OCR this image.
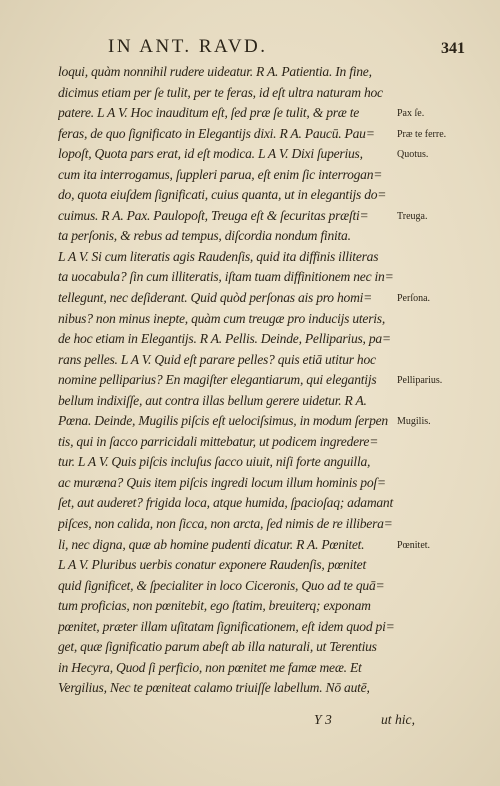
IN ANT. RAVD.	341
loqui, quàm nonnihil rudere uideatur. R A. Patientia. In fine,
dicimus etiam per ſe tulit, per te feras, id eſt ultra naturam hoc
patere. L A V. Hoc inauditum eſt, ſed præ ſe tulit, & præ te
feras, de quo ſignificato in Elegantijs dixi. R A. Paucū. Pau=
lopoſt, Quota pars erat, id eſt modica. L A V. Dixi ſuperius,
cum ita interrogamus, ſuppleri parua, eſt enim ſic interrogan=
do, quota eiuſdem ſignificati, cuius quanta, ut in elegantijs do=
cuimus. R A. Pax. Paulopoſt, Treuga eſt & ſecuritas præſti=
ta perſonis, & rebus ad tempus, diſcordia nondum finita.
L A V. Si cum literatis agis Raudenſis, quid ita diffinis illiteras
ta uocabula? ſin cum illiteratis, iſtam tuam diffinitionem nec in=
tellegunt, nec deſiderant. Quid quòd perſonas ais pro homi=
nibus? non minus inepte, quàm cum treugæ pro inducijs uteris,
de hoc etiam in Elegantijs. R A. Pellis. Deinde, Pelliparius, pa=
rans pelles. L A V. Quid eſt parare pelles? quis etiā utitur hoc
nomine pelliparius? En magiſter elegantiarum, qui elegantijs
bellum indixiſſe, aut contra illas bellum gerere uidetur. R A.
Pœna. Deinde, Mugilis piſcis eſt uelociſsimus, in modum ſerpen
tis, qui in ſacco parricidali mittebatur, ut podicem ingredere=
tur. L A V. Quis piſcis incluſus ſacco uiuit, niſi forte anguilla,
ac muræna? Quis item piſcis ingredi locum illum hominis poſ=
ſet, aut auderet? frigida loca, atque humida, ſpacioſaq; adamant
piſces, non calida, non ſicca, non arcta, ſed nimis de re illibera=
li, nec digna, quæ ab homine pudenti dicatur. R A. Pœnitet.
L A V. Pluribus uerbis conatur exponere Raudenſis, pœnitet
quid ſignificet, & ſpecialiter in loco Ciceronis, Quo ad te quā=
tum proficias, non pœnitebit, ego ſtatim, breuiterq; exponam
pœnitet, præter illam uſitatam ſignificationem, eſt idem quod pi=
get, quæ ſignificatio parum abeſt ab illa naturali, ut Terentius
in Hecyra, Quod ſi perficio, non pœnitet me famæ meæ. Et
Vergilius, Nec te pœniteat calamo triuiſſe labellum. Nō autē,
Pax ſe.
Præ te ferre.
Quotus.
Treuga.
Perſona.
Pelliparius.
Mugilis.
Pœnitet.
Y 3	ut hic,
